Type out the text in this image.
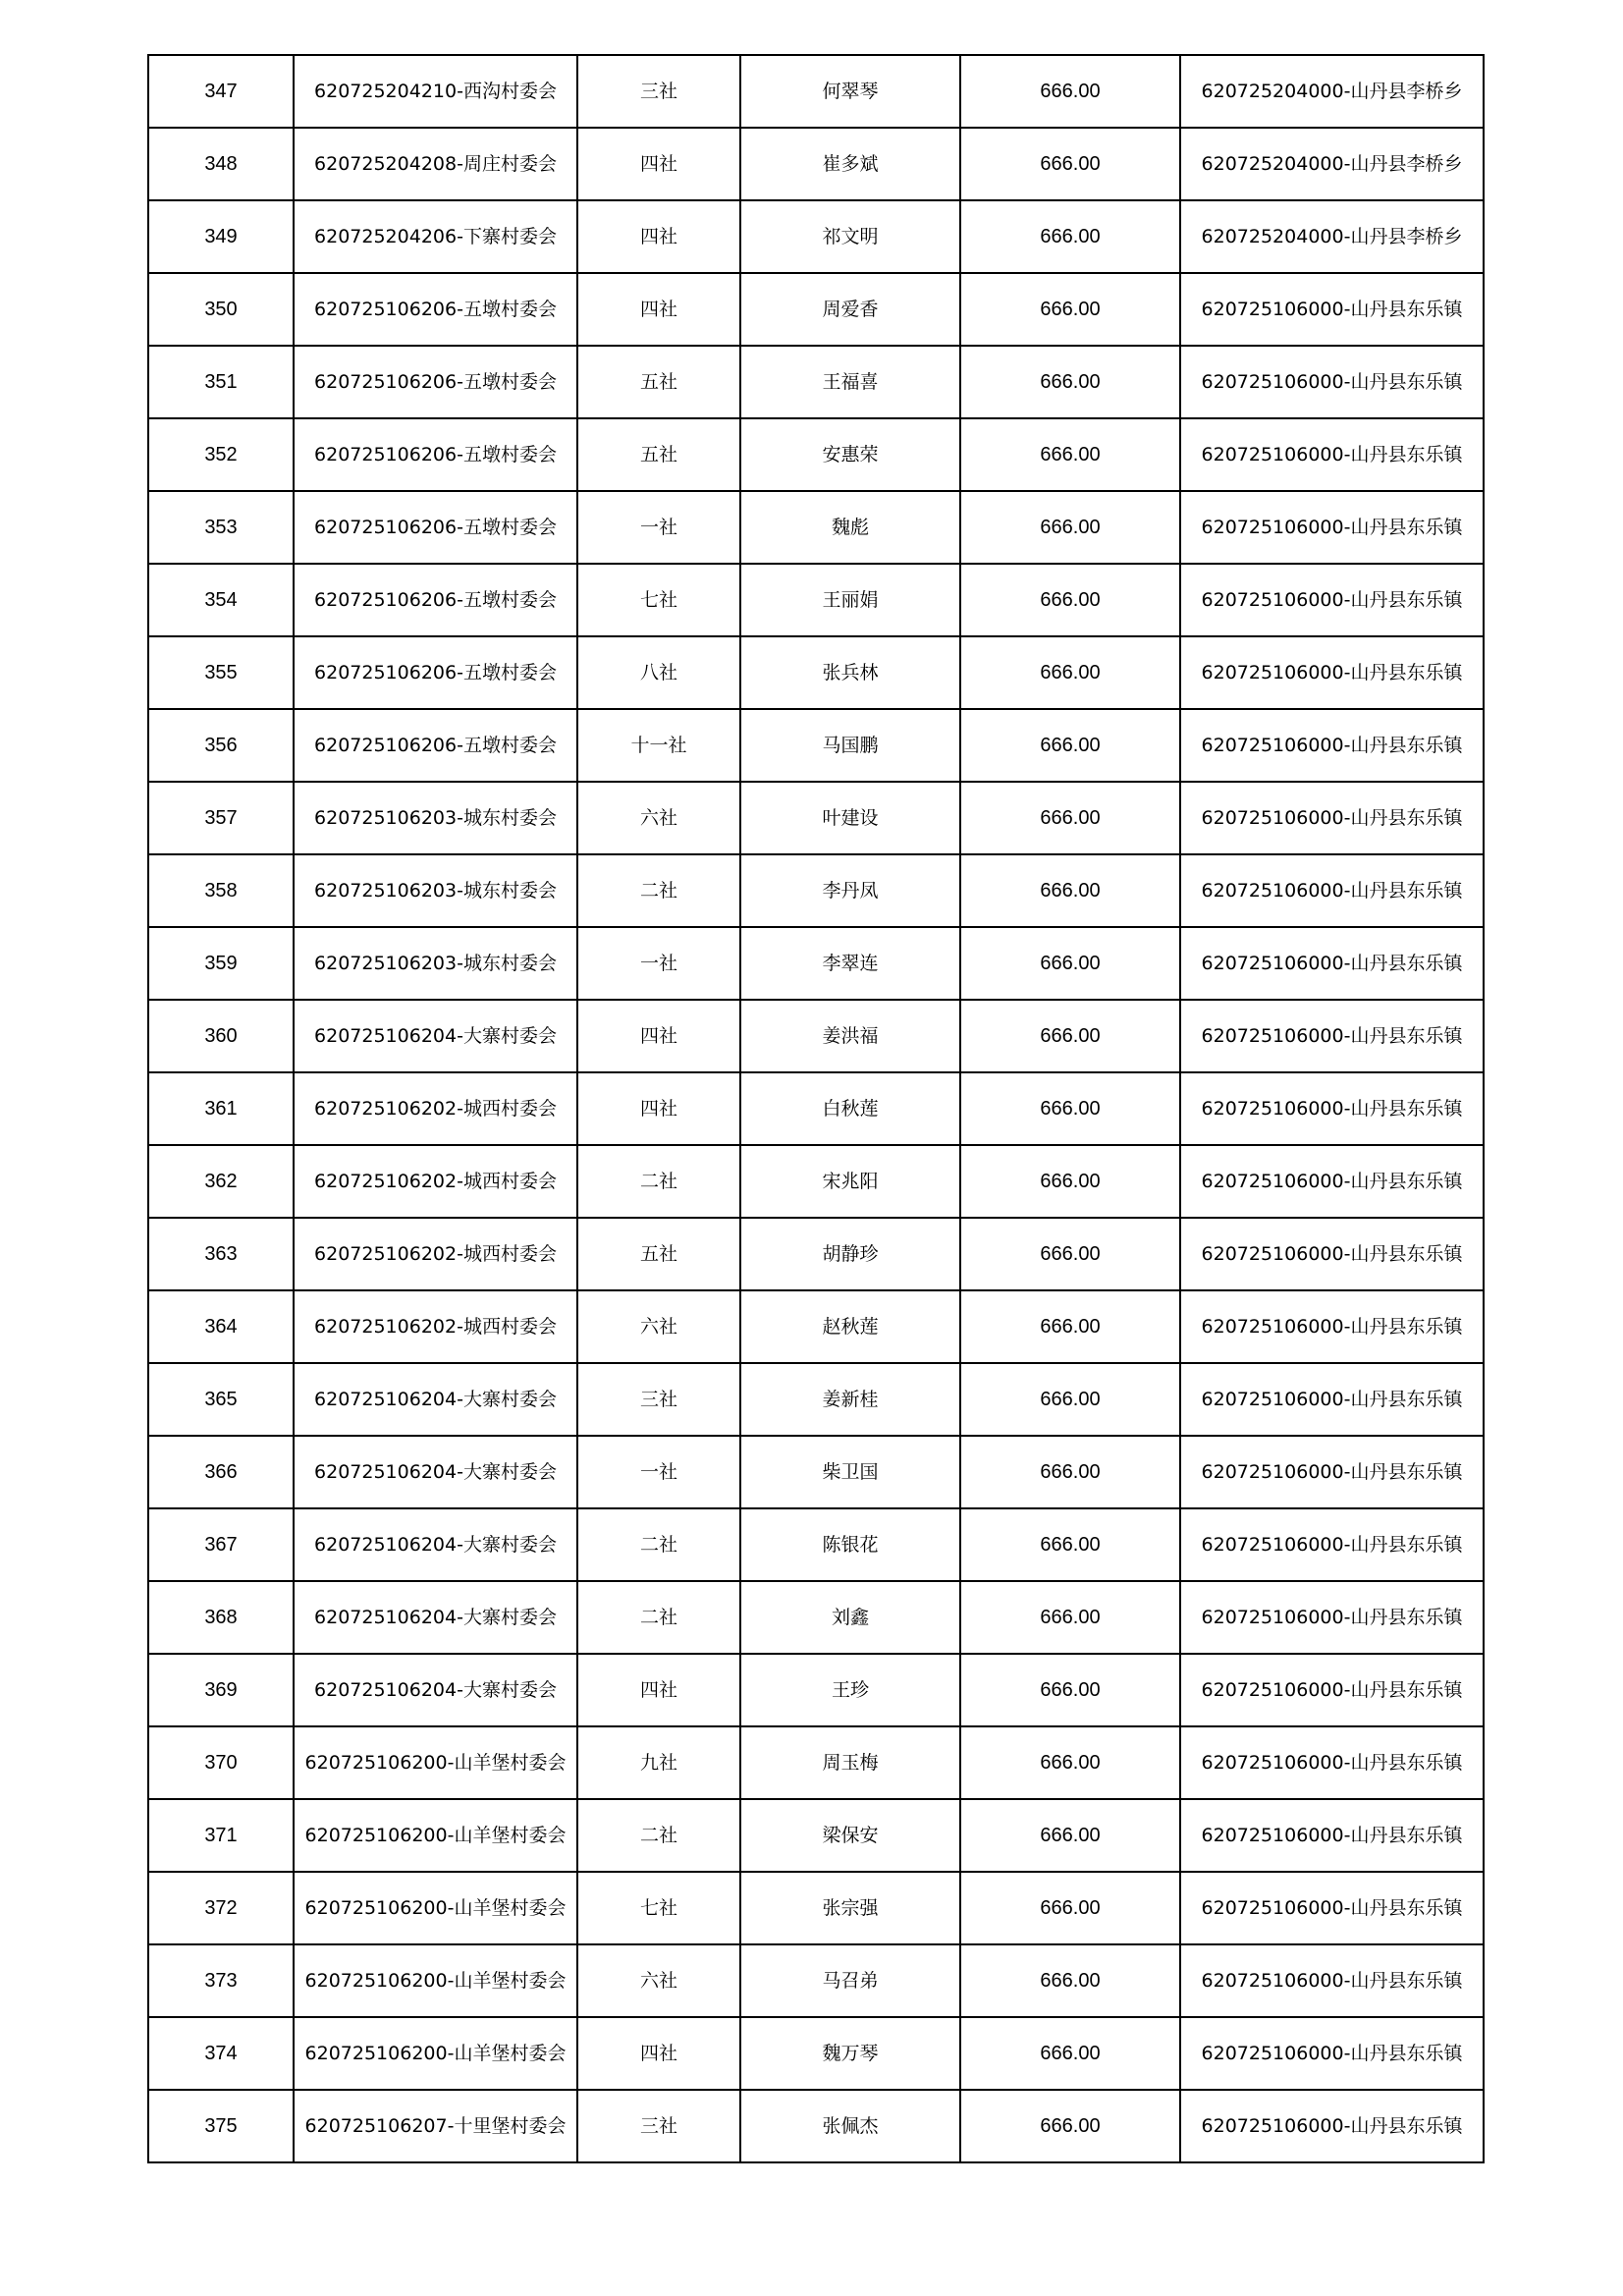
347	620725204210-西沟村委会	三社	何翠琴	666.00	620725204000-山丹县李桥乡
348	620725204208-周庄村委会	四社	崔多斌	666.00	620725204000-山丹县李桥乡
349	620725204206-下寨村委会	四社	祁文明	666.00	620725204000-山丹县李桥乡
350	620725106206-五墩村委会	四社	周爱香	666.00	620725106000-山丹县东乐镇
351	620725106206-五墩村委会	五社	王福喜	666.00	620725106000-山丹县东乐镇
352	620725106206-五墩村委会	五社	安惠荣	666.00	620725106000-山丹县东乐镇
353	620725106206-五墩村委会	一社	魏彪	666.00	620725106000-山丹县东乐镇
354	620725106206-五墩村委会	七社	王丽娟	666.00	620725106000-山丹县东乐镇
355	620725106206-五墩村委会	八社	张兵林	666.00	620725106000-山丹县东乐镇
356	620725106206-五墩村委会	十一社	马国鹏	666.00	620725106000-山丹县东乐镇
357	620725106203-城东村委会	六社	叶建设	666.00	620725106000-山丹县东乐镇
358	620725106203-城东村委会	二社	李丹凤	666.00	620725106000-山丹县东乐镇
359	620725106203-城东村委会	一社	李翠连	666.00	620725106000-山丹县东乐镇
360	620725106204-大寨村委会	四社	姜洪福	666.00	620725106000-山丹县东乐镇
361	620725106202-城西村委会	四社	白秋莲	666.00	620725106000-山丹县东乐镇
362	620725106202-城西村委会	二社	宋兆阳	666.00	620725106000-山丹县东乐镇
363	620725106202-城西村委会	五社	胡静珍	666.00	620725106000-山丹县东乐镇
364	620725106202-城西村委会	六社	赵秋莲	666.00	620725106000-山丹县东乐镇
365	620725106204-大寨村委会	三社	姜新桂	666.00	620725106000-山丹县东乐镇
366	620725106204-大寨村委会	一社	柴卫国	666.00	620725106000-山丹县东乐镇
367	620725106204-大寨村委会	二社	陈银花	666.00	620725106000-山丹县东乐镇
368	620725106204-大寨村委会	二社	刘鑫	666.00	620725106000-山丹县东乐镇
369	620725106204-大寨村委会	四社	王珍	666.00	620725106000-山丹县东乐镇
370	620725106200-山羊堡村委会	九社	周玉梅	666.00	620725106000-山丹县东乐镇
371	620725106200-山羊堡村委会	二社	梁保安	666.00	620725106000-山丹县东乐镇
372	620725106200-山羊堡村委会	七社	张宗强	666.00	620725106000-山丹县东乐镇
373	620725106200-山羊堡村委会	六社	马召弟	666.00	620725106000-山丹县东乐镇
374	620725106200-山羊堡村委会	四社	魏万琴	666.00	620725106000-山丹县东乐镇
375	620725106207-十里堡村委会	三社	张佩杰	666.00	620725106000-山丹县东乐镇
